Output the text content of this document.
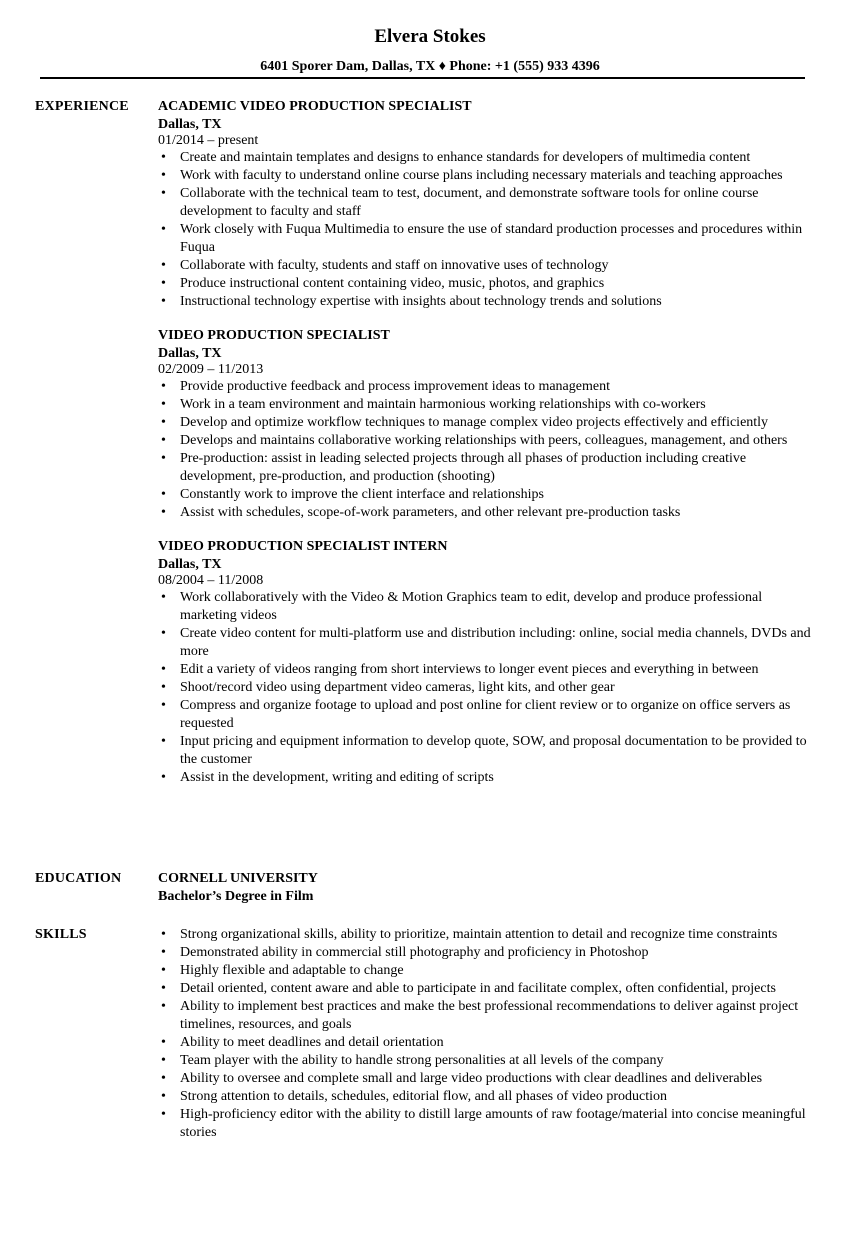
Elvera Stokes
6401 Sporer Dam, Dallas, TX ♦ Phone: +1 (555) 933 4396
EXPERIENCE	ACADEMIC VIDEO PRODUCTION SPECIALIST
Dallas, TX
01/2014 – present
• Create and maintain templates and designs to enhance standards for developers of multimedia content
• Work with faculty to understand online course plans including necessary materials and teaching approaches
• Collaborate with the technical team to test, document, and demonstrate software tools for online course development to faculty and staff
• Work closely with Fuqua Multimedia to ensure the use of standard production processes and procedures within Fuqua
• Collaborate with faculty, students and staff on innovative uses of technology
• Produce instructional content containing video, music, photos, and graphics
• Instructional technology expertise with insights about technology trends and solutions
VIDEO PRODUCTION SPECIALIST
Dallas, TX
02/2009 – 11/2013
• Provide productive feedback and process improvement ideas to management
• Work in a team environment and maintain harmonious working relationships with co-workers
• Develop and optimize workflow techniques to manage complex video projects effectively and efficiently
• Develops and maintains collaborative working relationships with peers, colleagues, management, and others
• Pre-production: assist in leading selected projects through all phases of production including creative development, pre-production, and production (shooting)
• Constantly work to improve the client interface and relationships
• Assist with schedules, scope-of-work parameters, and other relevant pre-production tasks
VIDEO PRODUCTION SPECIALIST INTERN
Dallas, TX
08/2004 – 11/2008
• Work collaboratively with the Video & Motion Graphics team to edit, develop and produce professional marketing videos
• Create video content for multi-platform use and distribution including: online, social media channels, DVDs and more
• Edit a variety of videos ranging from short interviews to longer event pieces and everything in between
• Shoot/record video using department video cameras, light kits, and other gear
• Compress and organize footage to upload and post online for client review or to organize on office servers as requested
• Input pricing and equipment information to develop quote, SOW, and proposal documentation to be provided to the customer
• Assist in the development, writing and editing of scripts
EDUCATION	CORNELL UNIVERSITY
Bachelor’s Degree in Film
SKILLS
•	Strong organizational skills, ability to prioritize, maintain attention to detail and recognize time constraints
• Demonstrated ability in commercial still photography and proficiency in Photoshop
• Highly flexible and adaptable to change
• Detail oriented, content aware and able to participate in and facilitate complex, often confidential, projects
• Ability to implement best practices and make the best professional recommendations to deliver against project timelines, resources, and goals
• Ability to meet deadlines and detail orientation
• Team player with the ability to handle strong personalities at all levels of the company
• Ability to oversee and complete small and large video productions with clear deadlines and deliverables
• Strong attention to details, schedules, editorial flow, and all phases of video production
• High-proficiency editor with the ability to distill large amounts of raw footage/material into concise meaningful stories
